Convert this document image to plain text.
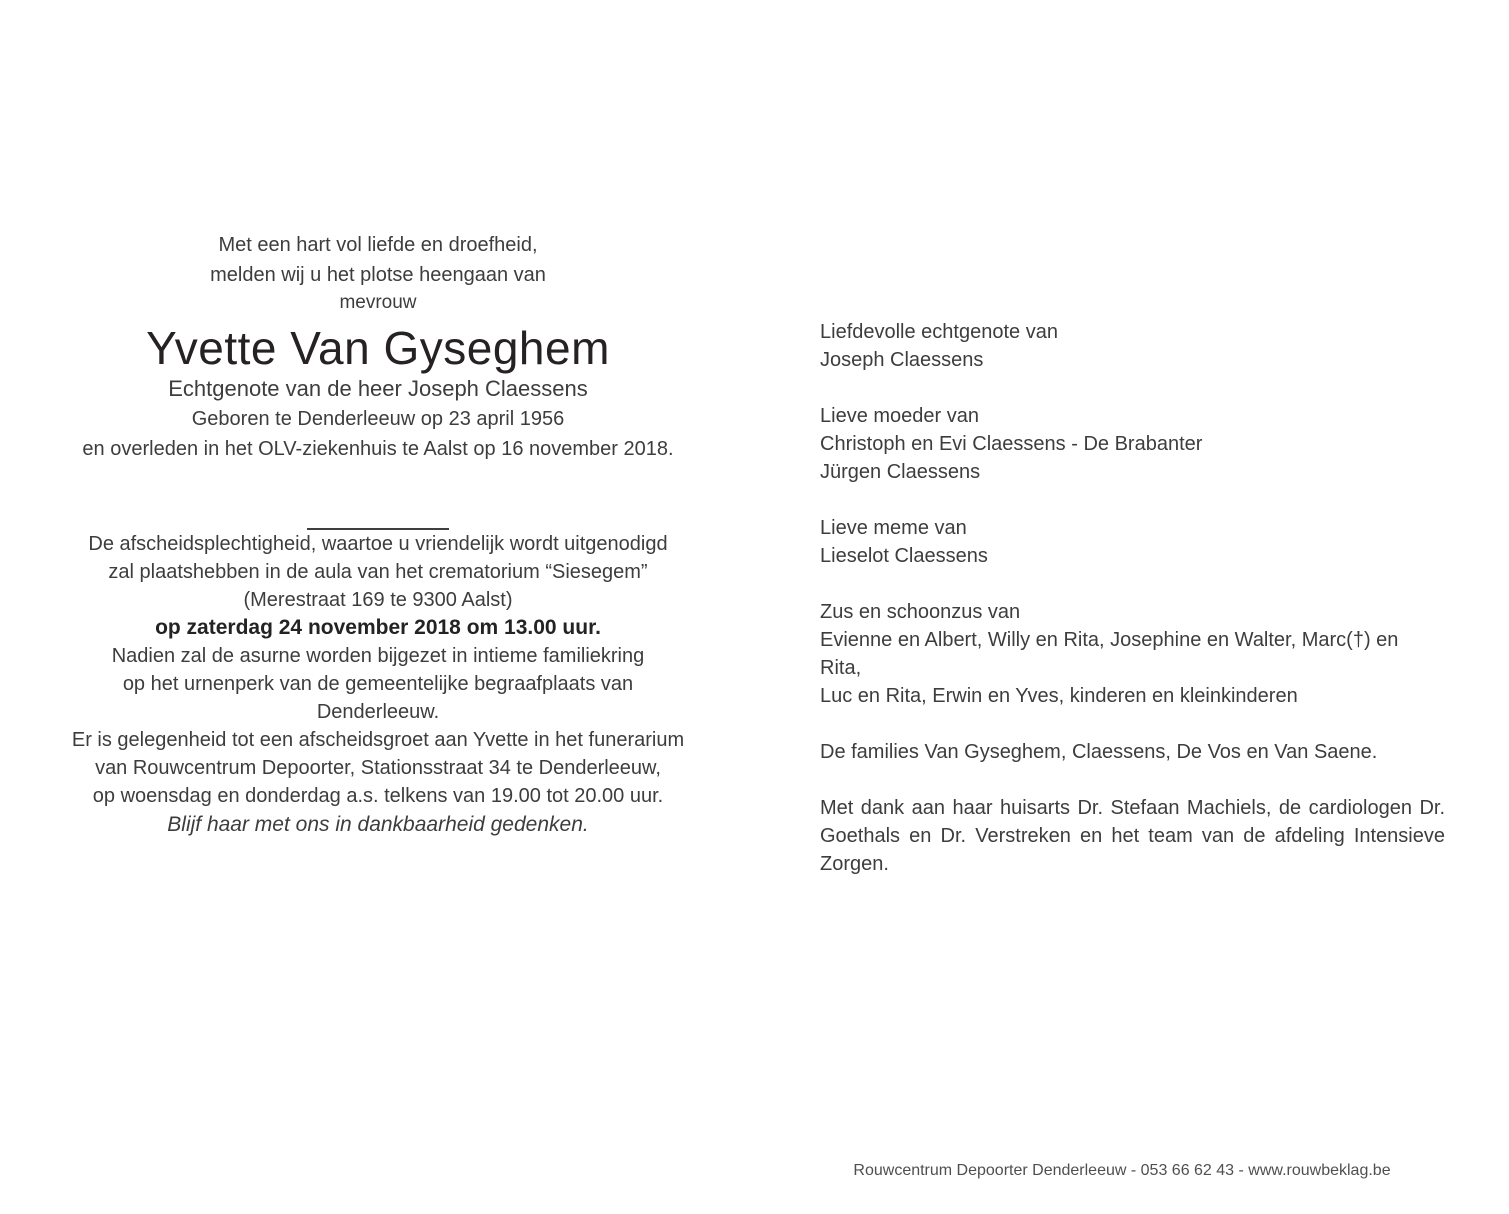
Met een hart vol liefde en droefheid,
melden wij u het plotse heengaan van

mevrouw

Yvette Van Gyseghem

Echtgenote van de heer Joseph Claessens

Geboren te Denderleeuw op 23 april 1956
en overleden in het OLV-ziekenhuis te Aalst op 16 november 2018.

De afscheidsplechtigheid, waartoe u vriendelijk wordt uitgenodigd
zal plaatshebben in de aula van het crematorium “Siesegem”
(Merestraat 169 te 9300 Aalst)
op zaterdag 24 november 2018 om 13.00 uur.

Nadien zal de asurne worden bijgezet in intieme familiekring
op het urnenperk van de gemeentelijke begraafplaats van Denderleeuw.

Er is gelegenheid tot een afscheidsgroet aan Yvette in het funerarium
van Rouwcentrum Depoorter, Stationsstraat 34 te Denderleeuw,
op woensdag en donderdag a.s. telkens van 19.00 tot 20.00 uur.

Blijf haar met ons in dankbaarheid gedenken.

Liefdevolle echtgenote van
Joseph Claessens

Lieve moeder van
Christoph en Evi Claessens - De Brabanter
Jürgen Claessens

Lieve meme van
Lieselot Claessens

Zus en schoonzus van
Evienne en Albert, Willy en Rita, Josephine en Walter, Marc(†) en Rita,
Luc en Rita, Erwin en Yves, kinderen en kleinkinderen

De families Van Gyseghem, Claessens, De Vos en Van Saene.

Met dank aan haar huisarts Dr. Stefaan Machiels, de cardiologen Dr. Goethals en Dr. Verstreken en het team van de afdeling Intensieve Zorgen.

Rouwcentrum Depoorter Denderleeuw - 053 66 62 43 - www.rouwbeklag.be
